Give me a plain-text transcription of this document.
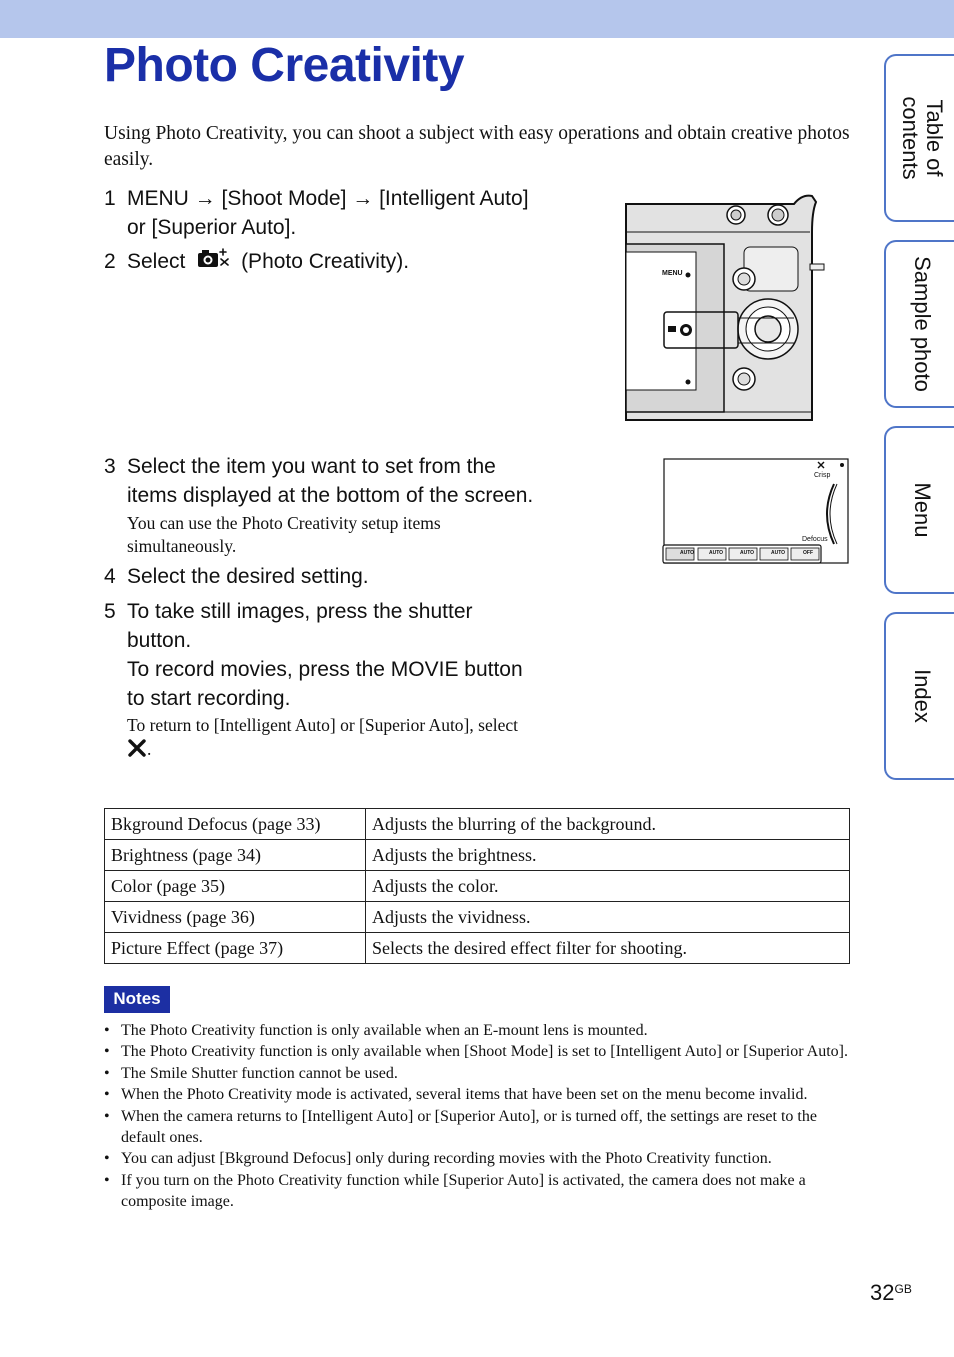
Photo Creativity
Using Photo Creativity, you can shoot a subject with easy operations and obtain creative photos easily.
1 MENU → [Shoot Mode] → [Intelligent Auto]
or [Superior Auto].
2 Select	(Photo Creativity).
MENU
3 Select the item you want to set from the
items displayed at the bottom of the screen.
You can use the Photo Creativity setup items
simultaneously.
Crisp
Defocus
AUTO	AUTO	AUTO	AUTO	OFF
4 Select the desired setting.
5 To take still images, press the shutter
button.
To record movies, press the MOVIE button
to start recording.
To return to [Intelligent Auto] or [Superior Auto], select
.
Bkground Defocus (page 33)	Adjusts the blurring of the background.
Brightness (page 34)	Adjusts the brightness.
Color (page 35)	Adjusts the color.
Vividness (page 36)	Adjusts the vividness.
Picture Effect (page 37)	Selects the desired effect filter for shooting.
Notes
• The Photo Creativity function is only available when an E-mount lens is mounted.
• The Photo Creativity function is only available when [Shoot Mode] is set to [Intelligent Auto] or [Superior Auto].
• The Smile Shutter function cannot be used.
• When the Photo Creativity mode is activated, several items that have been set on the menu become invalid.
• When the camera returns to [Intelligent Auto] or [Superior Auto], or is turned off, the settings are reset to the default ones.
• You can adjust [Bkground Defocus] only during recording movies with the Photo Creativity function.
• If you turn on the Photo Creativity function while [Superior Auto] is activated, the camera does not make a composite image.
Table of contents
Sample photo
Menu
Index
$32^{GB}$
